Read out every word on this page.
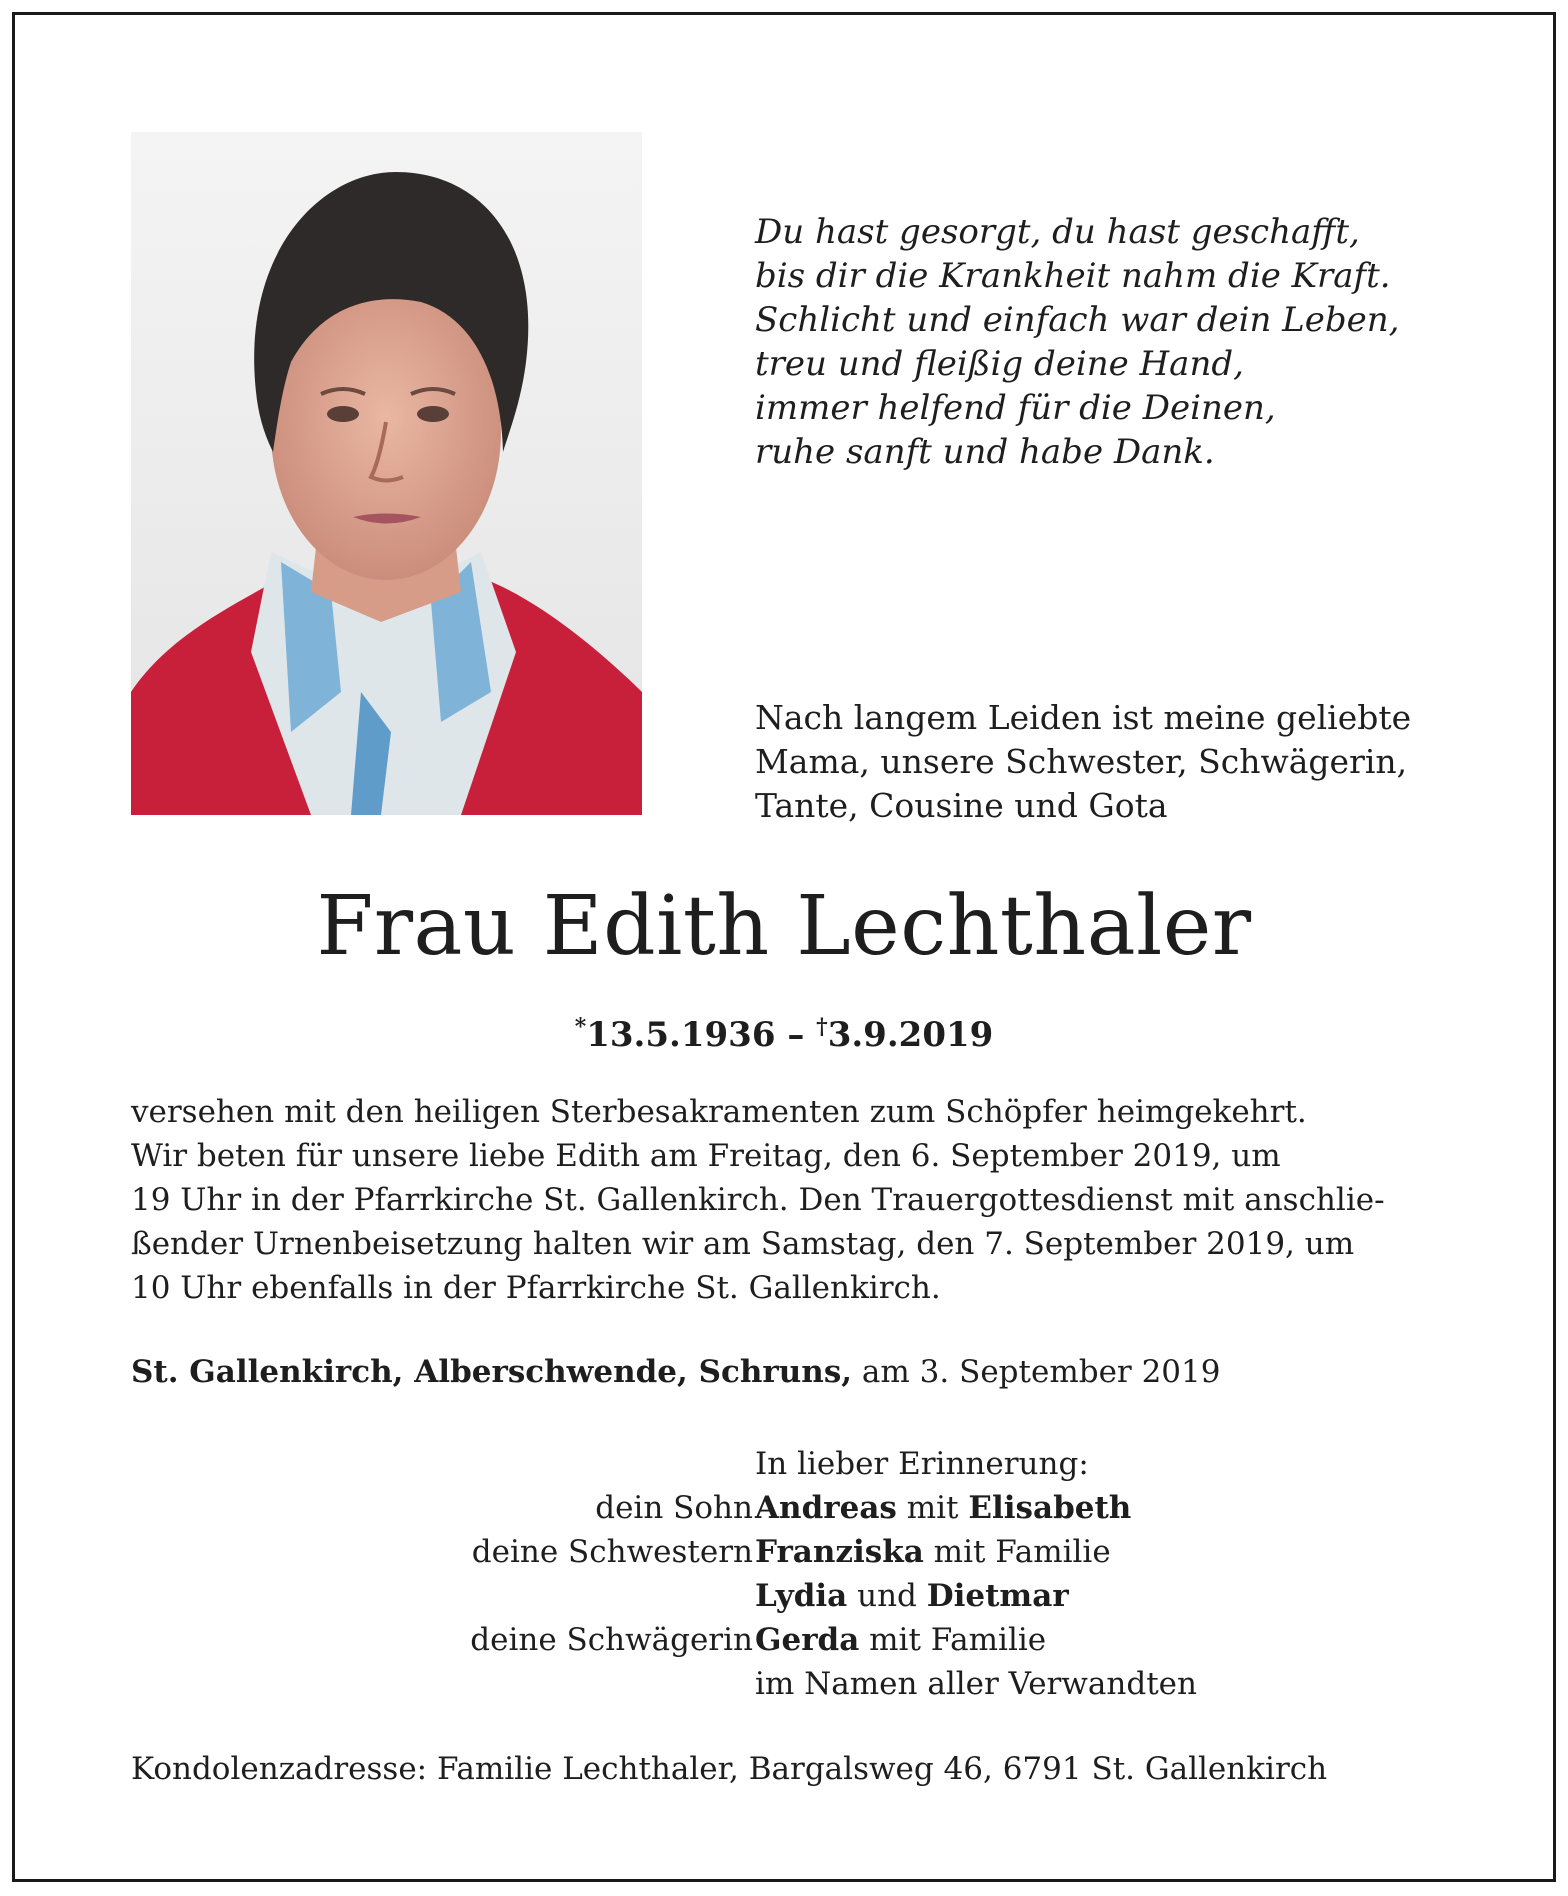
Du hast gesorgt, du hast geschafft,
bis dir die Krankheit nahm die Kraft.
Schlicht und einfach war dein Leben,
treu und fleißig deine Hand,
immer helfend für die Deinen,
ruhe sanft und habe Dank.
Nach langem Leiden ist meine geliebte
Mama, unsere Schwester, Schwägerin,
Tante, Cousine und Gota
Frau Edith Lechthaler
*13.5.1936 – †3.9.2019
versehen mit den heiligen Sterbesakramenten zum Schöpfer heimgekehrt.
Wir beten für unsere liebe Edith am Freitag, den 6. September 2019, um
19 Uhr in der Pfarrkirche St. Gallenkirch. Den Trauergottesdienst mit anschlie-
ßender Urnenbeisetzung halten wir am Samstag, den 7. September 2019, um
10 Uhr ebenfalls in der Pfarrkirche St. Gallenkirch.
St. Gallenkirch, Alberschwende, Schruns, am 3. September 2019
In lieber Erinnerung:
dein Sohn Andreas mit Elisabeth
deine Schwestern Franziska mit Familie
Lydia und Dietmar
deine Schwägerin Gerda mit Familie
im Namen aller Verwandten
Kondolenzadresse: Familie Lechthaler, Bargalsweg 46, 6791 St. Gallenkirch
